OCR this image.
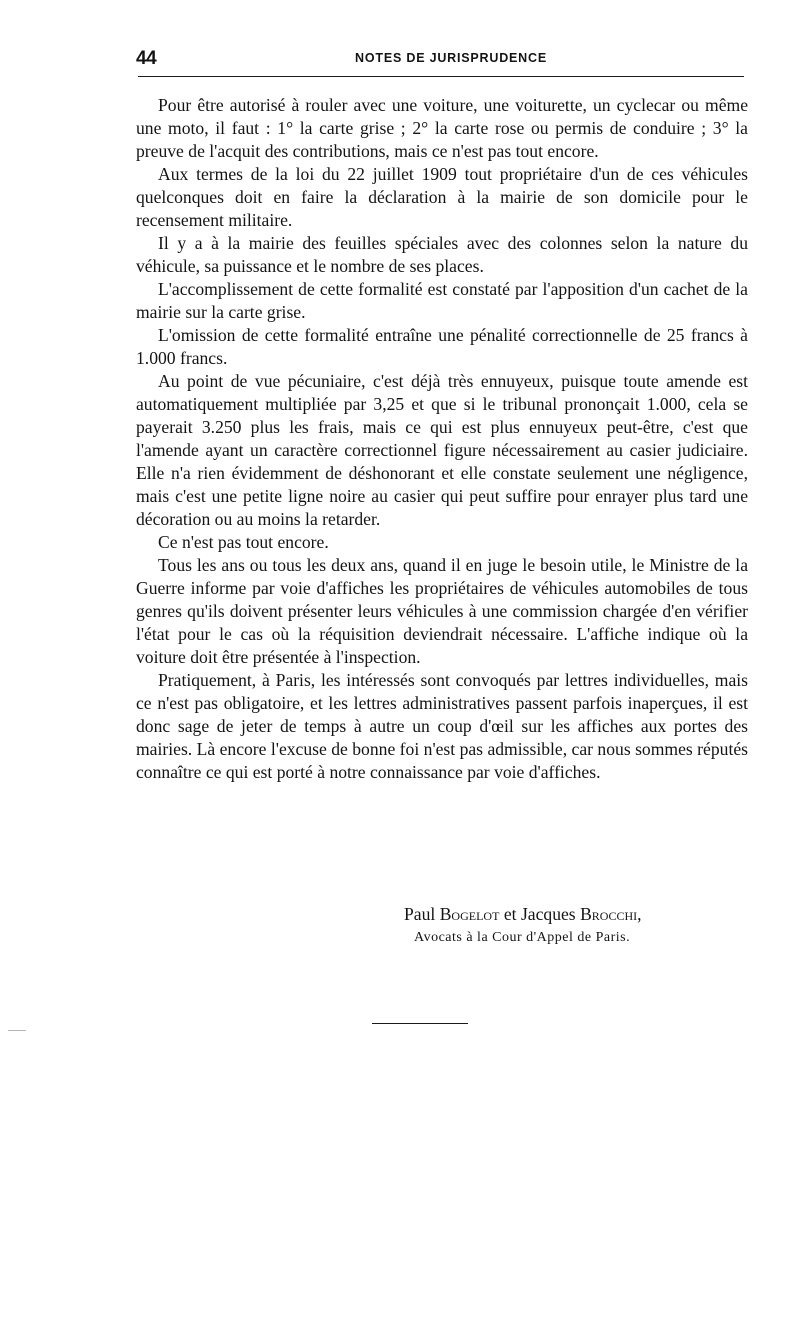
44	NOTES DE JURISPRUDENCE

Pour être autorisé à rouler avec une voiture, une voiturette, un cyclecar ou même une moto, il faut : 1° la carte grise ; 2° la carte rose ou permis de conduire ; 3° la preuve de l'acquit des contributions, mais ce n'est pas tout encore.

Aux termes de la loi du 22 juillet 1909 tout propriétaire d'un de ces véhicules quelconques doit en faire la déclaration à la mairie de son domicile pour le recensement militaire.

Il y a à la mairie des feuilles spéciales avec des colonnes selon la nature du véhicule, sa puissance et le nombre de ses places.

L'accomplissement de cette formalité est constaté par l'apposition d'un cachet de la mairie sur la carte grise.

L'omission de cette formalité entraîne une pénalité correctionnelle de 25 francs à 1.000 francs.

Au point de vue pécuniaire, c'est déjà très ennuyeux, puisque toute amende est automatiquement multipliée par 3,25 et que si le tribunal prononçait 1.000, cela se payerait 3.250 plus les frais, mais ce qui est plus ennuyeux peut-être, c'est que l'amende ayant un caractère correctionnel figure nécessairement au casier judiciaire. Elle n'a rien évidemment de déshonorant et elle constate seulement une négligence, mais c'est une petite ligne noire au casier qui peut suffire pour enrayer plus tard une décoration ou au moins la retarder.

Ce n'est pas tout encore.

Tous les ans ou tous les deux ans, quand il en juge le besoin utile, le Ministre de la Guerre informe par voie d'affiches les propriétaires de véhicules automobiles de tous genres qu'ils doivent présenter leurs véhicules à une commission chargée d'en vérifier l'état pour le cas où la réquisition deviendrait nécessaire. L'affiche indique où la voiture doit être présentée à l'inspection.

Pratiquement, à Paris, les intéressés sont convoqués par lettres individuelles, mais ce n'est pas obligatoire, et les lettres administratives passent parfois inaperçues, il est donc sage de jeter de temps à autre un coup d'œil sur les affiches aux portes des mairies. Là encore l'excuse de bonne foi n'est pas admissible, car nous sommes réputés connaître ce qui est porté à notre connaissance par voie d'affiches.

Paul Bogelot et Jacques Brocchi,
Avocats à la Cour d'Appel de Paris.
